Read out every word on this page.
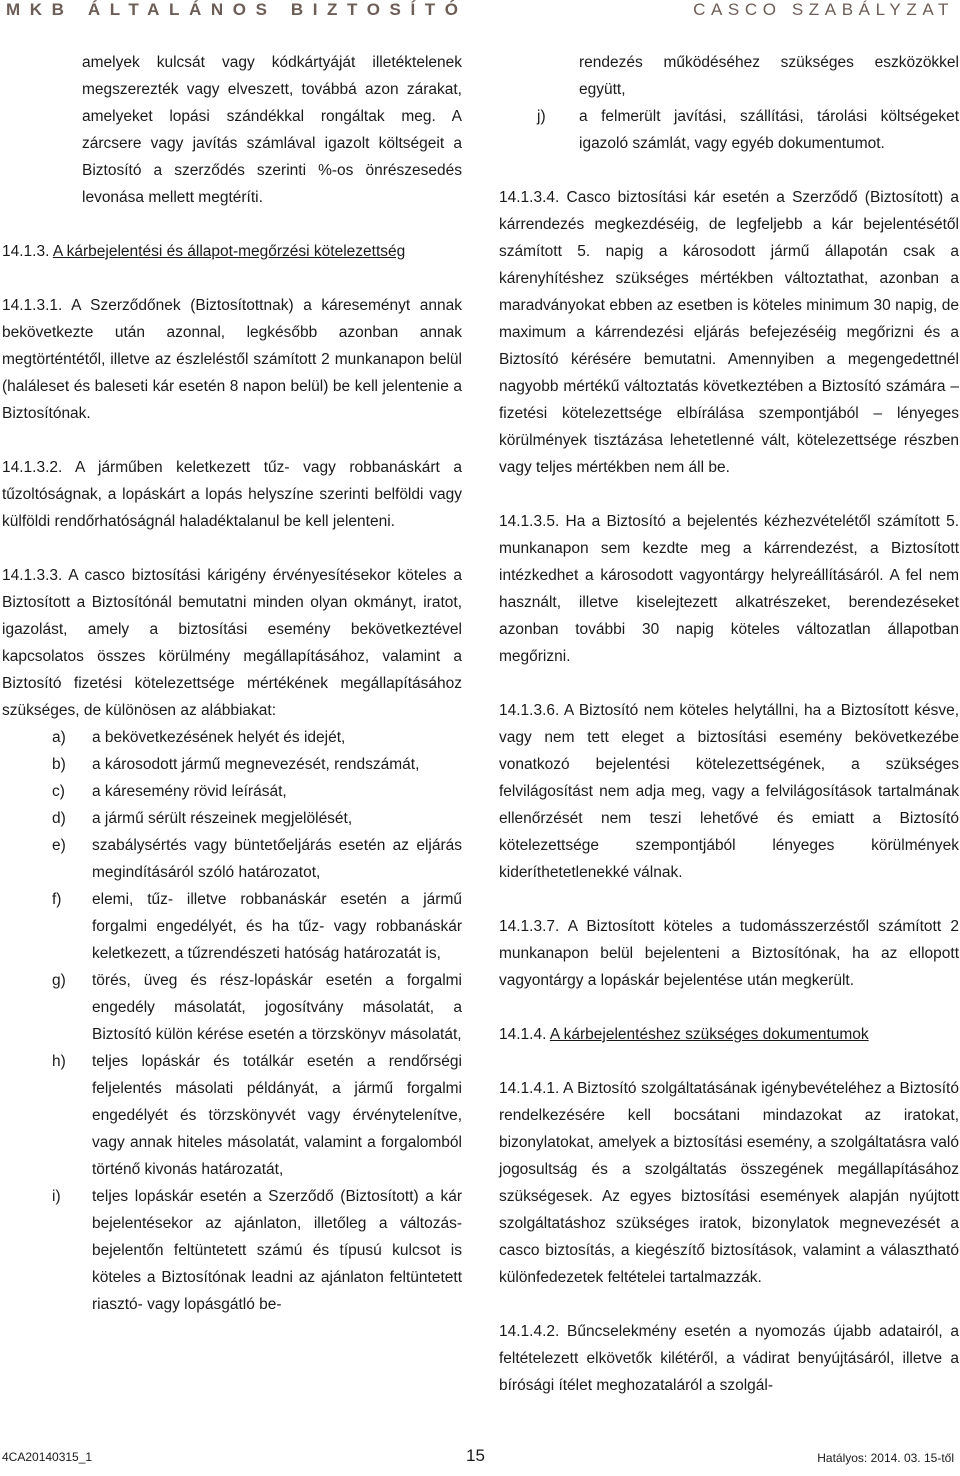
MKB ÁLTALÁNOS BIZTOSÍTÓ	CASCO SZABÁLYZAT

amelyek kulcsát vagy kódkártyáját illetéktelenek megszerezték vagy elveszett, továbbá azon zárakat, amelyeket lopási szándékkal rongáltak meg. A zárcsere vagy javítás számlával igazolt költségeit a Biztosító a szerződés szerinti %-os önrészesedés levonása mellett megtéríti.

14.1.3. A kárbejelentési és állapot-megőrzési kötelezettség

14.1.3.1. A Szerződőnek (Biztosítottnak) a káreseményt annak bekövetkezte után azonnal, legkésőbb azonban annak megtörténtétől, illetve az észleléstől számított 2 munkanapon belül (haláleset és baleseti kár esetén 8 napon belül) be kell jelentenie a Biztosítónak.

14.1.3.2. A járműben keletkezett tűz- vagy robbanáskárt a tűzoltóságnak, a lopáskárt a lopás helyszíne szerinti belföldi vagy külföldi rendőrhatóságnál haladéktalanul be kell jelenteni.

14.1.3.3. A casco biztosítási kárigény érvényesítésekor köteles a Biztosított a Biztosítónál bemutatni minden olyan okmányt, iratot, igazolást, amely a biztosítási esemény bekövetkeztével kapcsolatos összes körülmény megállapításához, valamint a Biztosító fizetési kötelezettsége mértékének megállapításához szükséges, de különösen az alábbiakat:

a)	a bekövetkezésének helyét és idejét,
b)	a károsodott jármű megnevezését, rendszámát,
c)	a káresemény rövid leírását,
d)	a jármű sérült részeinek megjelölését,
e)	szabálysértés vagy büntetőeljárás esetén az eljárás megindításáról szóló határozatot,
f)	elemi, tűz- illetve robbanáskár esetén a jármű forgalmi engedélyét, és ha tűz- vagy robbanáskár keletkezett, a tűzrendészeti hatóság határozatát is,
g)	törés, üveg és rész-lopáskár esetén a forgalmi engedély másolatát, jogosítvány másolatát, a Biztosító külön kérése esetén a törzskönyv másolatát,
h)	teljes lopáskár és totálkár esetén a rendőrségi feljelentés másolati példányát, a jármű forgalmi engedélyét és törzskönyvét vagy érvénytelenítve, vagy annak hiteles másolatát, valamint a forgalomból történő kivonás határozatát,
i)	teljes lopáskár esetén a Szerződő (Biztosított) a kár bejelentésekor az ajánlaton, illetőleg a változás-bejelentőn feltüntetett számú és típusú kulcsot is köteles a Biztosítónak leadni az ajánlaton feltüntetett riasztó- vagy lopásgátló be-

rendezés működéséhez szükséges eszközökkel együtt,

j)	a felmerült javítási, szállítási, tárolási költségeket igazoló számlát, vagy egyéb dokumentumot.

14.1.3.4. Casco biztosítási kár esetén a Szerződő (Biztosított) a kárrendezés megkezdéséig, de legfeljebb a kár bejelentésétől számított 5. napig a károsodott jármű állapotán csak a kárenyhítéshez szükséges mértékben változtathat, azonban a maradványokat ebben az esetben is köteles minimum 30 napig, de maximum a kárrendezési eljárás befejezéséig megőrizni és a Biztosító kérésére bemutatni. Amennyiben a megengedettnél nagyobb mértékű változtatás következtében a Biztosító számára – fizetési kötelezettsége elbírálása szempontjából – lényeges körülmények tisztázása lehetetlenné vált, kötelezettsége részben vagy teljes mértékben nem áll be.

14.1.3.5. Ha a Biztosító a bejelentés kézhezvételétől számított 5. munkanapon sem kezdte meg a kárrendezést, a Biztosított intézkedhet a károsodott vagyontárgy helyreállításáról. A fel nem használt, illetve kiselejtezett alkatrészeket, berendezéseket azonban további 30 napig köteles változatlan állapotban megőrizni.

14.1.3.6. A Biztosító nem köteles helytállni, ha a Biztosított késve, vagy nem tett eleget a biztosítási esemény bekövetkezébe vonatkozó bejelentési kötelezettségének, a szükséges felvilágosítást nem adja meg, vagy a felvilágosítások tartalmának ellenőrzését nem teszi lehetővé és emiatt a Biztosító kötelezettsége szempontjából lényeges körülmények kideríthetetlenekké válnak.

14.1.3.7. A Biztosított köteles a tudomásszerzéstől számított 2 munkanapon belül bejelenteni a Biztosítónak, ha az ellopott vagyontárgy a lopáskár bejelentése után megkerült.

14.1.4. A kárbejelentéshez szükséges dokumentumok

14.1.4.1. A Biztosító szolgáltatásának igénybevételéhez a Biztosító rendelkezésére kell bocsátani mindazokat az iratokat, bizonylatokat, amelyek a biztosítási esemény, a szolgáltatásra való jogosultság és a szolgáltatás összegének megállapításához szükségesek. Az egyes biztosítási események alapján nyújtott szolgáltatáshoz szükséges iratok, bizonylatok megnevezését a casco biztosítás, a kiegészítő biztosítások, valamint a választható különfedezetek feltételei tartalmazzák.

14.1.4.2. Bűncselekmény esetén a nyomozás újabb adatairól, a feltételezett elkövetők kilétéről, a vádirat benyújtásáról, illetve a bírósági ítélet meghozataláról a szolgál-

4CA20140315_1	15	Hatályos: 2014. 03. 15-től
